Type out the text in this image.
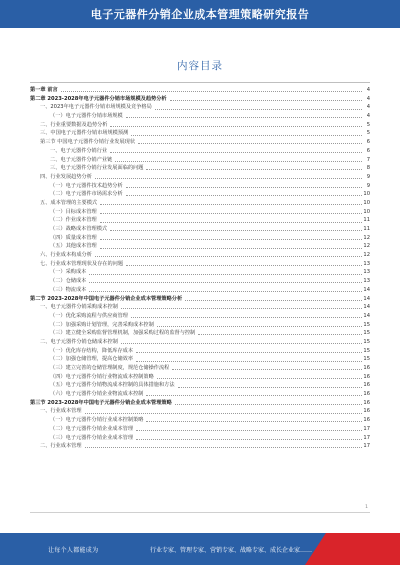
电子元器件分销企业成本管理策略研究报告
内容目录
第一章 前言	4
第二章 2023-2028年电子元器件分销市场规模及趋势分析	4
一、2023年电子元器件分销市场规模及竞争格局	4
（一）电子元器件分销市场规模	4
二、行业重要数据及趋势分析	5
三、中国电子元器件分销市场规模预测	5
第三节 中国电子元器件分销行业发展现状	6
一、电子元器件分销行业	6
二、电子元器件分销产业链	7
三、电子元器件分销行业发展面临的问题	8
四、行业发展趋势分析	9
（一）电子元器件技术趋势分析	9
（二）电子元器件市场需求分析	10
五、成本管理的主要模式	10
（一）目标成本管理	10
（二）作业成本管理	11
（三）战略成本管理模式	11
（四）质量成本管理	12
（五）其他成本管理	12
六、行业成本构成分析	12
七、行业成本管理现状及存在的问题	13
（一）采购成本	13
（二）仓储成本	13
（三）物流成本	14
第二节 2023-2028年中国电子元器件分销企业成本管理策略分析	14
一、电子元器件分销采购成本控制	14
（一）优化采购流程与供应商管理	14
（二）加强采购计划管理，完善采购成本控制	15
（三）建立健全采购监督管理机制，加强采购过程的监督与控制	15
二、电子元器件分销仓储成本控制	15
（一）优化库存结构，降低库存成本	15
（二）加强仓储管理，提高仓储效率	15
（三）建立完善的仓储管理制度，规范仓储操作流程	16
（四）电子元器件分销行业物流成本控制策略	16
（五）电子元器件分销物流成本控制的具体措施和方法	16
（六）电子元器件分销企业物流成本控制	16
第三节 2023-2028年中国电子元器件分销企业成本管理策略	16
一、行业成本管理	16
（一）电子元器件分销行业成本控制策略	16
（二）电子元器件分销企业成本管理	17
（三）电子元器件分销企业成本管理	17
二、行业成本管理	17
1
让每个人都能成为	行业专家、管理专家、营销专家、战略专家、成长企业家……
